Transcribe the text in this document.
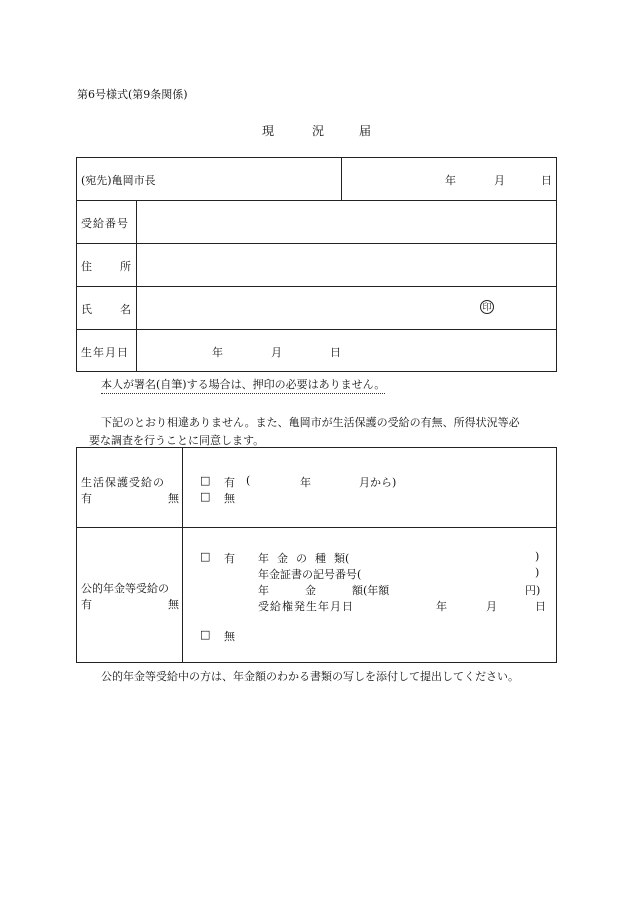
第6号様式(第9条関係)
現	況	届
(宛先)亀岡市長	年	月	日
受給番号
住	所
氏	名	印
生年月日	年	月	日
本人が署名(自筆)する場合は、押印の必要はありません。
下記のとおり相違ありません。また、亀岡市が生活保護の受給の有無、所得状況等必
要な調査を行うことに同意します。
生活保護受給の
有	無
□ 有 (	年	月から)
□ 無
公的年金等受給の
有	無
□ 有 年 金 の 種 類(	)
年金証書の記号番号(	)
年	金	額(年額	円)
受給権発生年月日	年	月	日
□ 無
公的年金等受給中の方は、年金額のわかる書類の写しを添付して提出してください。
